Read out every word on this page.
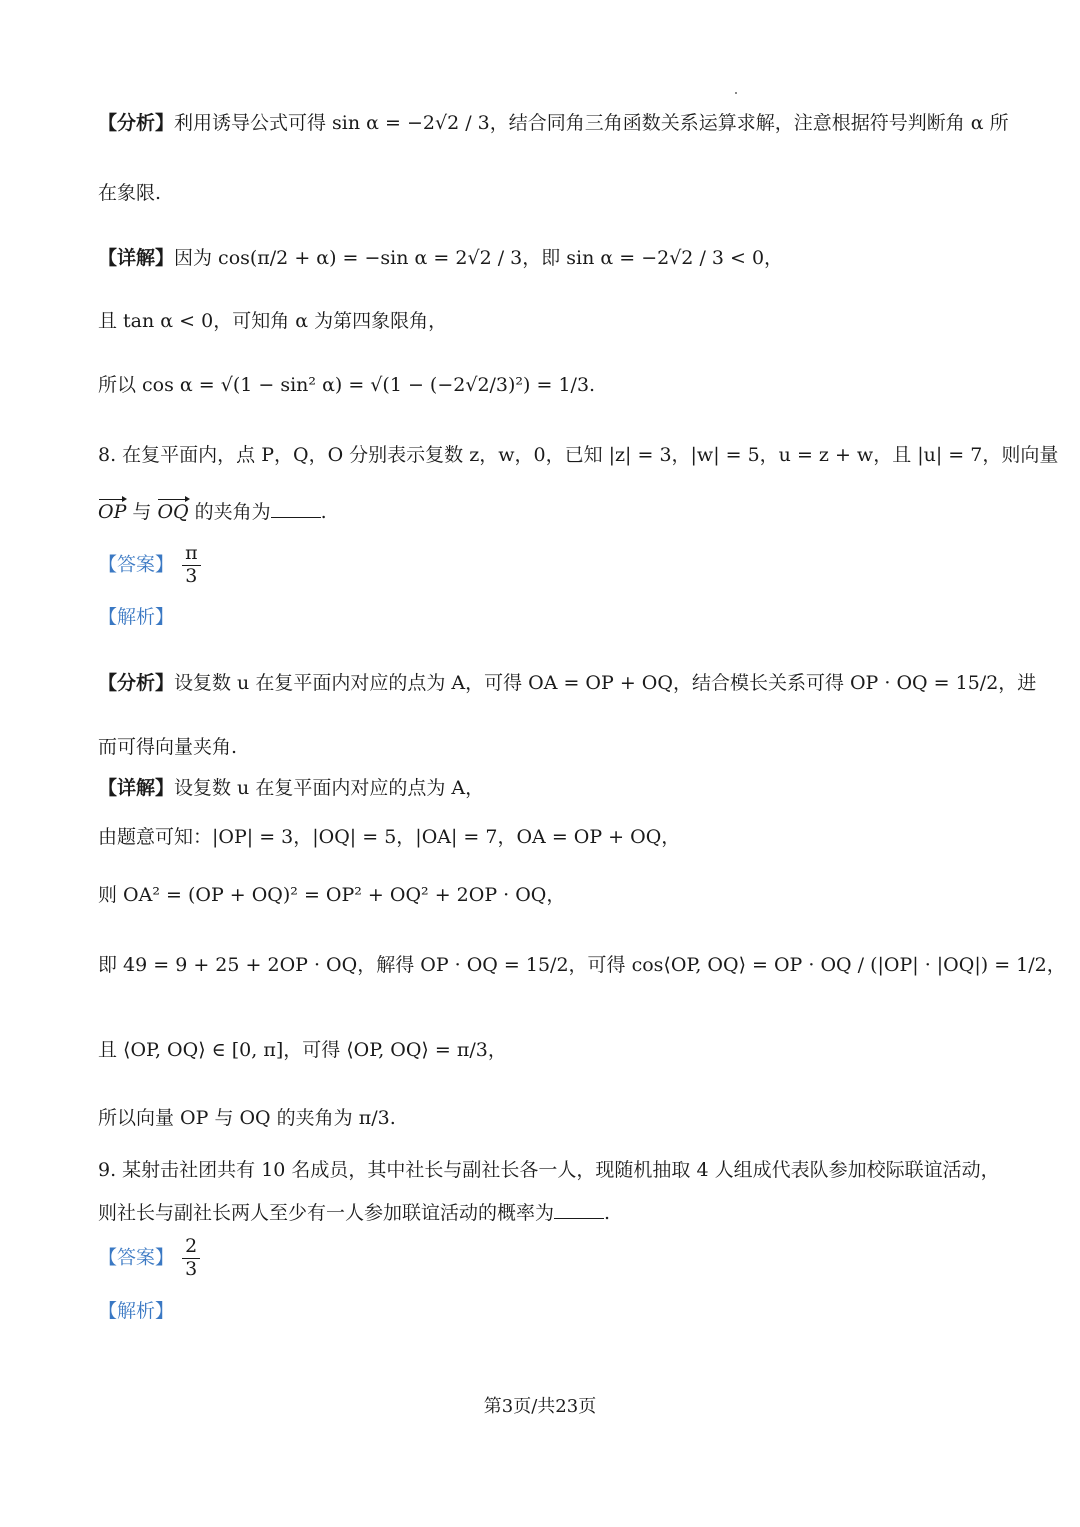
【分析】利用诱导公式可得 sin α = −2√2 / 3，结合同角三角函数关系运算求解，注意根据符号判断角 α 所
在象限.
【详解】因为 cos(π/2 + α) = −sin α = 2√2 / 3，即 sin α = −2√2 / 3 < 0，
且 tan α < 0，可知角 α 为第四象限角，
所以 cos α = √(1 − sin² α) = √(1 − (−2√2/3)²) = 1/3.
8. 在复平面内，点 P，Q，O 分别表示复数 z，w，0，已知 |z| = 3，|w| = 5，u = z + w，且 |u| = 7，则向量
OP 与 OQ 的夹角为	.
【答案】 $\frac{\pi}{3}$
【解析】
【分析】设复数 u 在复平面内对应的点为 A，可得 OA = OP + OQ，结合模长关系可得 OP · OQ = 15/2，进
而可得向量夹角.
【详解】设复数 u 在复平面内对应的点为 A，
由题意可知：|OP| = 3，|OQ| = 5，|OA| = 7，OA = OP + OQ，
则 OA² = (OP + OQ)² = OP² + OQ² + 2OP · OQ，
即 49 = 9 + 25 + 2OP · OQ，解得 OP · OQ = 15/2，可得 cos⟨OP, OQ⟩ = OP · OQ / (|OP| · |OQ|) = 1/2，
且 ⟨OP, OQ⟩ ∈ [0, π]，可得 ⟨OP, OQ⟩ = π/3，
所以向量 OP 与 OQ 的夹角为 π/3.
9. 某射击社团共有 10 名成员，其中社长与副社长各一人，现随机抽取 4 人组成代表队参加校际联谊活动，
则社长与副社长两人至少有一人参加联谊活动的概率为	.
【答案】 $\frac{2}{3}$
【解析】
第3页/共23页
